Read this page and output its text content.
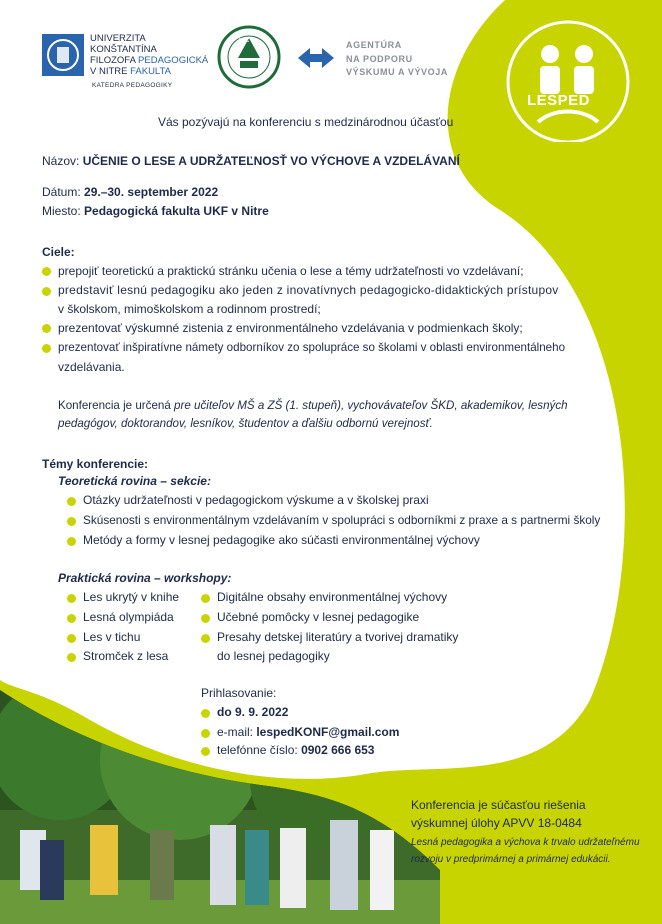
LESPED
UNIVERZITA
KONŠTANTÍNA
FILOZOFA PEDAGOGICKÁ
V NITRE FAKULTA
KATEDRA PEDAGOGIKY
NLC	AGENTÚRA
NA PODPORU
VÝSKUMU A VÝVOJA
Vás pozývajú na konferenciu s medzinárodnou účasťou
Názov: UČENIE O LESE A UDRŽATEĽNOSŤ VO VÝCHOVE A VZDELÁVANÍ
Dátum: 29.–30. september 2022
Miesto: Pedagogická fakulta UKF v Nitre
Ciele:
prepojiť teoretickú a praktickú stránku učenia o lese a témy udržateľnosti vo vzdelávaní;
predstaviť lesnú pedagogiku ako jeden z inovatívnych pedagogicko-didaktických prístupov
v školskom, mimoškolskom a rodinnom prostredí;
prezentovať výskumné zistenia z environmentálneho vzdelávania v podmienkach školy;
prezentovať inšpiratívne námety odborníkov zo spolupráce so školami v oblasti environmentálneho
vzdelávania.
Konferencia je určená pre učiteľov MŠ a ZŠ (1. stupeň), vychovávateľov ŠKD, akademikov, lesných
pedagógov, doktorandov, lesníkov, študentov a ďalšiu odbornú verejnosť.
Témy konferencie:
Teoretická rovina – sekcie:
Otázky udržateľnosti v pedagogickom výskume a v školskej praxi
Skúsenosti s environmentálnym vzdelávaním v spolupráci s odborníkmi z praxe a s partnermi školy
Metódy a formy v lesnej pedagogike ako súčasti environmentálnej výchovy
Praktická rovina – workshopy:
Les ukrytý v knihe
Lesná olympiáda
Les v tichu
Stromček z lesa
Digitálne obsahy environmentálnej výchovy
Učebné pomôcky v lesnej pedagogike
Presahy detskej literatúry a tvorivej dramatiky
do lesnej pedagogiky
Prihlasovanie:
do 9. 9. 2022
e-mail: lespedKONF@gmail.com
telefónne číslo: 0902 666 653
Konferencia je súčasťou riešenia
výskumnej úlohy APVV 18-0484
Lesná pedagogika a výchova k trvalo udržateľnému
rozvoju v predprimárnej a primárnej edukácii.
